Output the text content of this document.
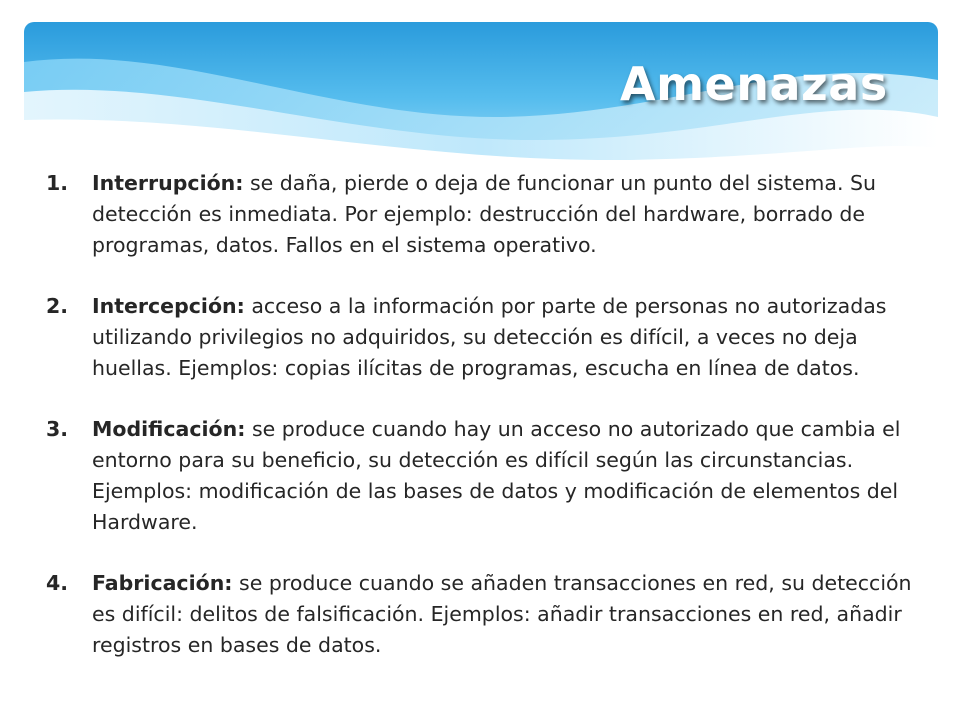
Amenazas
1.	Interrupción: se daña, pierde o deja de funcionar un punto del sistema. Su detección es inmediata. Por ejemplo: destrucción del hardware, borrado de programas, datos. Fallos en el sistema operativo.
2.	Intercepción: acceso a la información por parte de personas no autorizadas utilizando privilegios no adquiridos, su detección es difícil, a veces no deja huellas. Ejemplos: copias ilícitas de programas, escucha en línea de datos.
3.	Modificación: se produce cuando hay un acceso no autorizado que cambia el entorno para su beneficio, su detección es difícil según las circunstancias. Ejemplos: modificación de las bases de datos y modificación de elementos del Hardware.
4.	Fabricación: se produce cuando se añaden transacciones en red, su detección es difícil: delitos de falsificación. Ejemplos: añadir transacciones en red, añadir registros en bases de datos.
